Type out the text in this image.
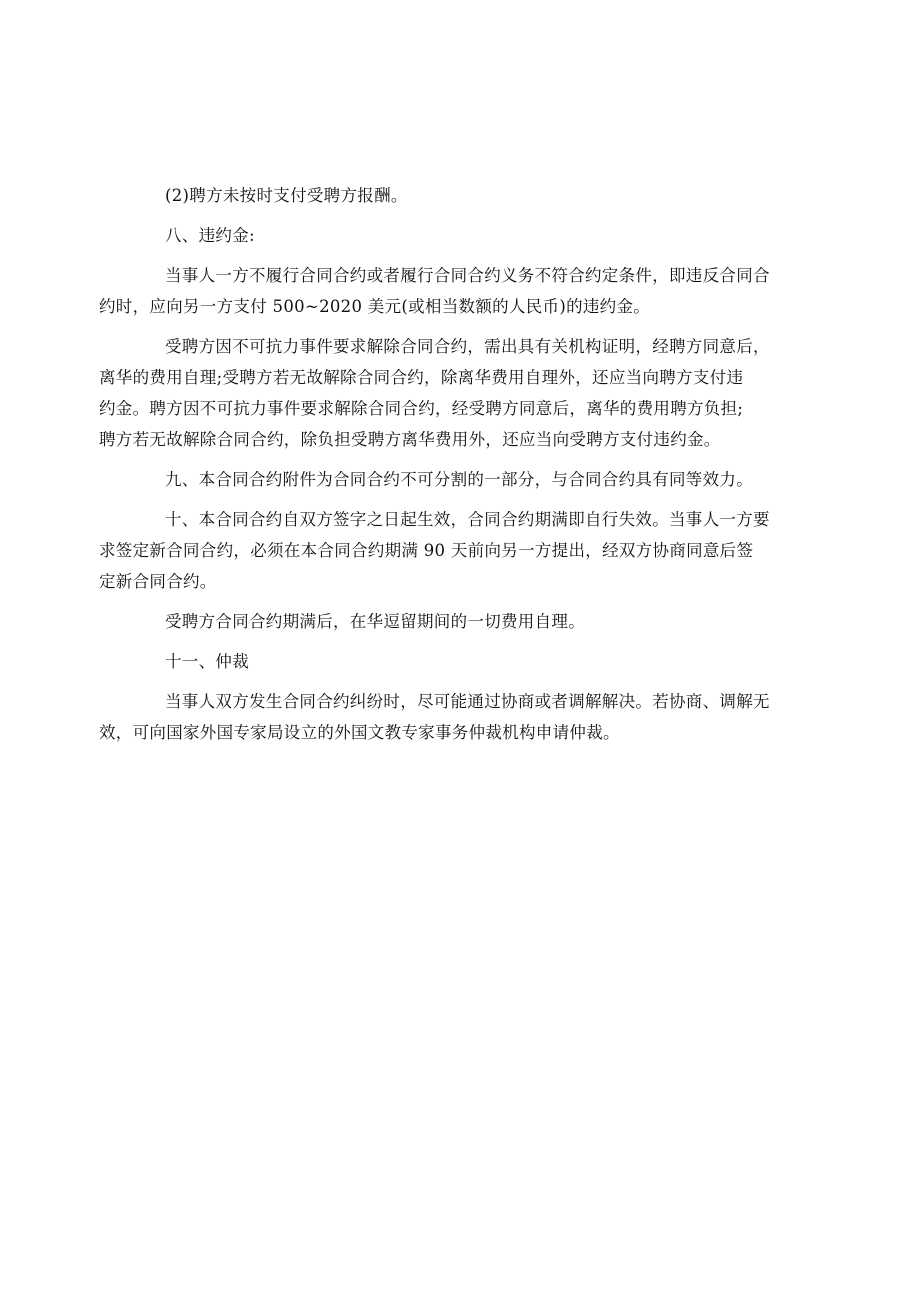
(2)聘方未按时支付受聘方报酬。

八、违约金:

当事人一方不履行合同合约或者履行合同合约义务不符合约定条件，即违反合同合
约时，应向另一方支付 500~2020 美元(或相当数额的人民币)的违约金。

受聘方因不可抗力事件要求解除合同合约，需出具有关机构证明，经聘方同意后，
离华的费用自理;受聘方若无故解除合同合约，除离华费用自理外，还应当向聘方支付违
约金。聘方因不可抗力事件要求解除合同合约，经受聘方同意后，离华的费用聘方负担;
聘方若无故解除合同合约，除负担受聘方离华费用外，还应当向受聘方支付违约金。

九、本合同合约附件为合同合约不可分割的一部分，与合同合约具有同等效力。

十、本合同合约自双方签字之日起生效，合同合约期满即自行失效。当事人一方要
求签定新合同合约，必须在本合同合约期满 90 天前向另一方提出，经双方协商同意后签
定新合同合约。

受聘方合同合约期满后，在华逗留期间的一切费用自理。

十一、仲裁

当事人双方发生合同合约纠纷时，尽可能通过协商或者调解解决。若协商、调解无
效，可向国家外国专家局设立的外国文教专家事务仲裁机构申请仲裁。
